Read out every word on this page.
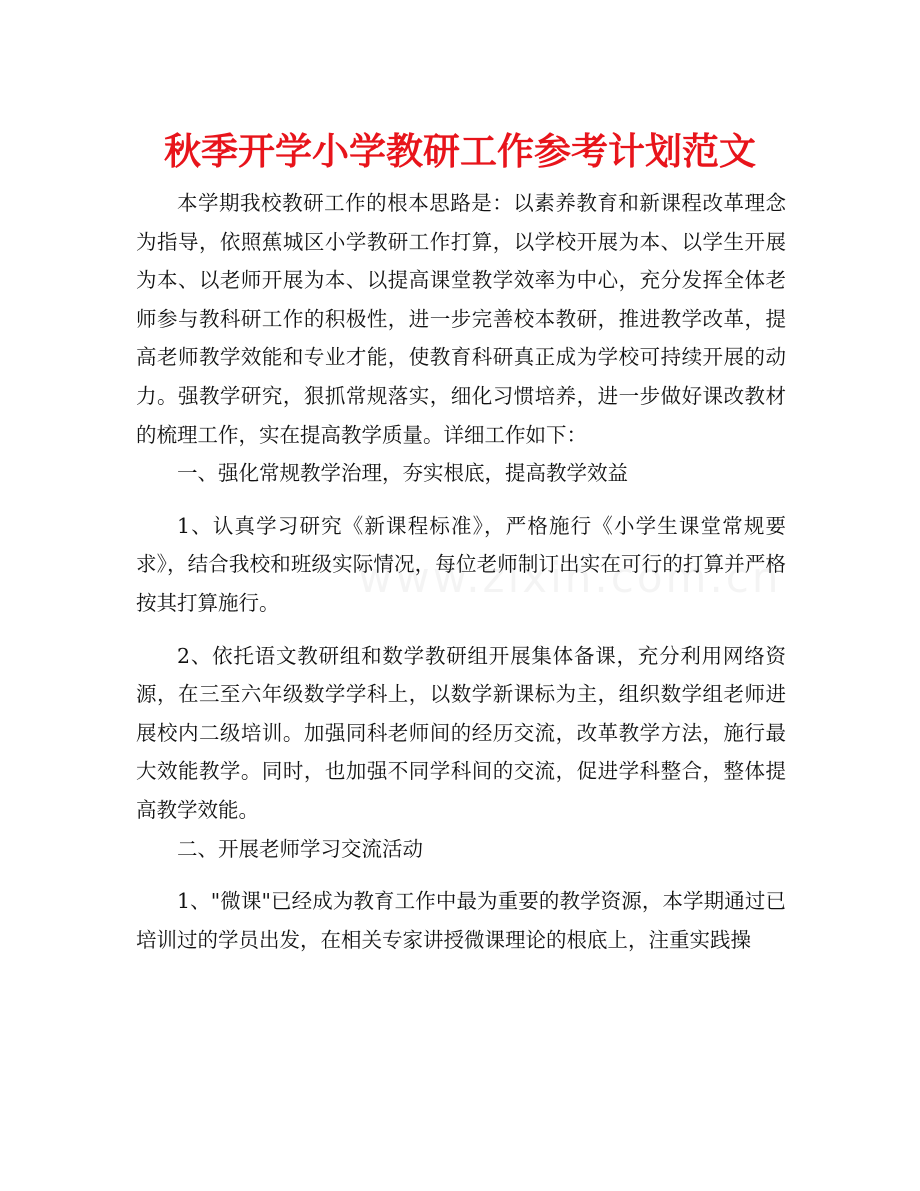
秋季开学小学教研工作参考计划范文

本学期我校教研工作的根本思路是：以素养教育和新课程改革理念为指导，依照蕉城区小学教研工作打算，以学校开展为本、以学生开展为本、以老师开展为本、以提高课堂教学效率为中心，充分发挥全体老师参与教科研工作的积极性，进一步完善校本教研，推进教学改革，提高老师教学效能和专业才能，使教育科研真正成为学校可持续开展的动力。强教学研究，狠抓常规落实，细化习惯培养，进一步做好课改教材的梳理工作，实在提高教学质量。详细工作如下：

一、强化常规教学治理，夯实根底，提高教学效益

1、认真学习研究《新课程标准》，严格施行《小学生课堂常规要求》，结合我校和班级实际情况，每位老师制订出实在可行的打算并严格按其打算施行。

2、依托语文教研组和数学教研组开展集体备课，充分利用网络资源，在三至六年级数学学科上，以数学新课标为主，组织数学组老师进展校内二级培训。加强同科老师间的经历交流，改革教学方法，施行最大效能教学。同时，也加强不同学科间的交流，促进学科整合，整体提高教学效能。

二、开展老师学习交流活动

1、"微课"已经成为教育工作中最为重要的教学资源，本学期通过已培训过的学员出发，在相关专家讲授微课理论的根底上，注重实践操
